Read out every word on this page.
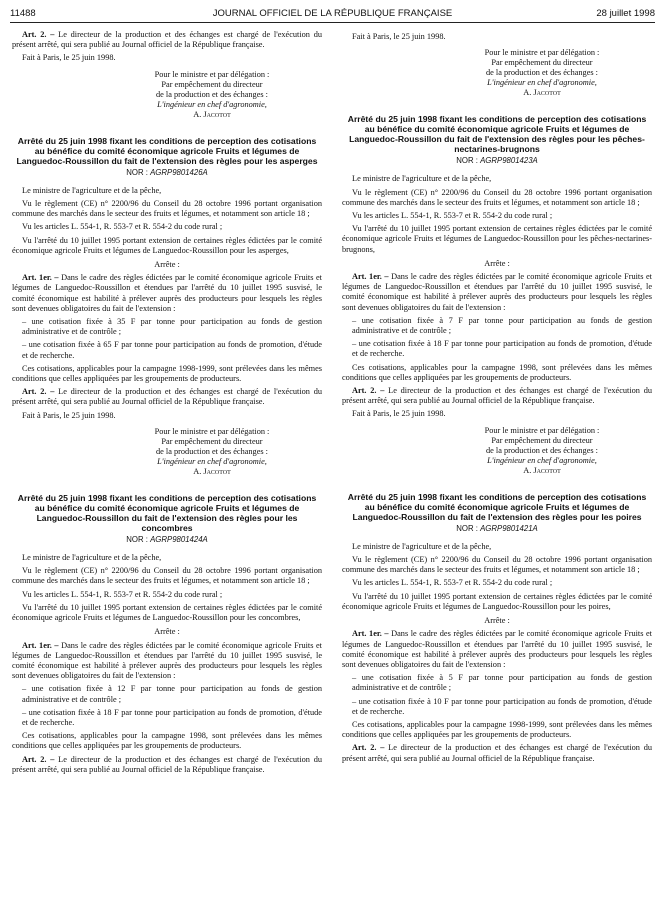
11488	JOURNAL OFFICIEL DE LA RÉPUBLIQUE FRANÇAISE	28 juillet 1998

Art. 2. – Le directeur de la production et des échanges est chargé de l'exécution du présent arrêté, qui sera publié au Journal officiel de la République française.

Fait à Paris, le 25 juin 1998.

Pour le ministre et par délégation :
Par empêchement du directeur
de la production et des échanges :
L'ingénieur en chef d'agronomie,
A. Jacotot
Arrêté du 25 juin 1998 fixant les conditions de perception des cotisations au bénéfice du comité économique agricole Fruits et légumes de Languedoc-Roussillon du fait de l'extension des règles pour les asperges
NOR : AGRP9801426A

Le ministre de l'agriculture et de la pêche,

Vu le règlement (CE) n° 2200/96 du Conseil du 28 octobre 1996 portant organisation commune des marchés dans le secteur des fruits et légumes, et notamment son article 18 ;

Vu les articles L. 554-1, R. 553-7 et R. 554-2 du code rural ;

Vu l'arrêté du 10 juillet 1995 portant extension de certaines règles édictées par le comité économique agricole Fruits et légumes de Languedoc-Roussillon pour les asperges,

Arrête :

Art. 1er. – Dans le cadre des règles édictées par le comité économique agricole Fruits et légumes de Languedoc-Roussillon et étendues par l'arrêté du 10 juillet 1995 susvisé, le comité économique est habilité à prélever auprès des producteurs pour lesquels les règles sont devenues obligatoires du fait de l'extension :

– une cotisation fixée à 35 F par tonne pour participation au fonds de gestion administrative et de contrôle ;

– une cotisation fixée à 65 F par tonne pour participation au fonds de promotion, d'étude et de recherche.

Ces cotisations, applicables pour la campagne 1998-1999, sont prélevées dans les mêmes conditions que celles appliquées par les groupements de producteurs.

Art. 2. – Le directeur de la production et des échanges est chargé de l'exécution du présent arrêté, qui sera publié au Journal officiel de la République française.

Fait à Paris, le 25 juin 1998.

Pour le ministre et par délégation :
Par empêchement du directeur
de la production et des échanges :
L'ingénieur en chef d'agronomie,
A. Jacotot
Arrêté du 25 juin 1998 fixant les conditions de perception des cotisations au bénéfice du comité économique agricole Fruits et légumes de Languedoc-Roussillon du fait de l'extension des règles pour les concombres
NOR : AGRP9801424A

Le ministre de l'agriculture et de la pêche,

Vu le règlement (CE) n° 2200/96 du Conseil du 28 octobre 1996 portant organisation commune des marchés dans le secteur des fruits et légumes, et notamment son article 18 ;

Vu les articles L. 554-1, R. 553-7 et R. 554-2 du code rural ;

Vu l'arrêté du 10 juillet 1995 portant extension de certaines règles édictées par le comité économique agricole Fruits et légumes de Languedoc-Roussillon pour les concombres,

Arrête :

Art. 1er. – Dans le cadre des règles édictées par le comité économique agricole Fruits et légumes de Languedoc-Roussillon et étendues par l'arrêté du 10 juillet 1995 susvisé, le comité économique est habilité à prélever auprès des producteurs pour lesquels les règles sont devenues obligatoires du fait de l'extension :

– une cotisation fixée à 12 F par tonne pour participation au fonds de gestion administrative et de contrôle ;

– une cotisation fixée à 18 F par tonne pour participation au fonds de promotion, d'étude et de recherche.

Ces cotisations, applicables pour la campagne 1998, sont prélevées dans les mêmes conditions que celles appliquées par les groupements de producteurs.

Art. 2. – Le directeur de la production et des échanges est chargé de l'exécution du présent arrêté, qui sera publié au Journal officiel de la République française.

Fait à Paris, le 25 juin 1998.

Pour le ministre et par délégation :
Par empêchement du directeur
de la production et des échanges :
L'ingénieur en chef d'agronomie,
A. Jacotot
Arrêté du 25 juin 1998 fixant les conditions de perception des cotisations au bénéfice du comité économique agricole Fruits et légumes de Languedoc-Roussillon du fait de l'extension des règles pour les pêches-nectarines-brugnons
NOR : AGRP9801423A

Le ministre de l'agriculture et de la pêche,

Vu le règlement (CE) n° 2200/96 du Conseil du 28 octobre 1996 portant organisation commune des marchés dans le secteur des fruits et légumes, et notamment son article 18 ;

Vu les articles L. 554-1, R. 553-7 et R. 554-2 du code rural ;

Vu l'arrêté du 10 juillet 1995 portant extension de certaines règles édictées par le comité économique agricole Fruits et légumes de Languedoc-Roussillon pour les pêches-nectarines-brugnons,

Arrête :

Art. 1er. – Dans le cadre des règles édictées par le comité économique agricole Fruits et légumes de Languedoc-Roussillon et étendues par l'arrêté du 10 juillet 1995 susvisé, le comité économique est habilité à prélever auprès des producteurs pour lesquels les règles sont devenues obligatoires du fait de l'extension :

– une cotisation fixée à 7 F par tonne pour participation au fonds de gestion administrative et de contrôle ;

– une cotisation fixée à 18 F par tonne pour participation au fonds de promotion, d'étude et de recherche.

Ces cotisations, applicables pour la campagne 1998, sont prélevées dans les mêmes conditions que celles appliquées par les groupements de producteurs.

Art. 2. – Le directeur de la production et des échanges est chargé de l'exécution du présent arrêté, qui sera publié au Journal officiel de la République française.

Fait à Paris, le 25 juin 1998.

Pour le ministre et par délégation :
Par empêchement du directeur
de la production et des échanges :
L'ingénieur en chef d'agronomie,
A. Jacotot
Arrêté du 25 juin 1998 fixant les conditions de perception des cotisations au bénéfice du comité économique agricole Fruits et légumes de Languedoc-Roussillon du fait de l'extension des règles pour les poires
NOR : AGRP9801421A

Le ministre de l'agriculture et de la pêche,

Vu le règlement (CE) n° 2200/96 du Conseil du 28 octobre 1996 portant organisation commune des marchés dans le secteur des fruits et légumes, et notamment son article 18 ;

Vu les articles L. 554-1, R. 553-7 et R. 554-2 du code rural ;

Vu l'arrêté du 10 juillet 1995 portant extension de certaines règles édictées par le comité économique agricole Fruits et légumes de Languedoc-Roussillon pour les poires,

Arrête :

Art. 1er. – Dans le cadre des règles édictées par le comité économique agricole Fruits et légumes de Languedoc-Roussillon et étendues par l'arrêté du 10 juillet 1995 susvisé, le comité économique est habilité à prélever auprès des producteurs pour lesquels les règles sont devenues obligatoires du fait de l'extension :

– une cotisation fixée à 5 F par tonne pour participation au fonds de gestion administrative et de contrôle ;

– une cotisation fixée à 10 F par tonne pour participation au fonds de promotion, d'étude et de recherche.

Ces cotisations, applicables pour la campagne 1998-1999, sont prélevées dans les mêmes conditions que celles appliquées par les groupements de producteurs.

Art. 2. – Le directeur de la production et des échanges est chargé de l'exécution du présent arrêté, qui sera publié au Journal officiel de la République française.
